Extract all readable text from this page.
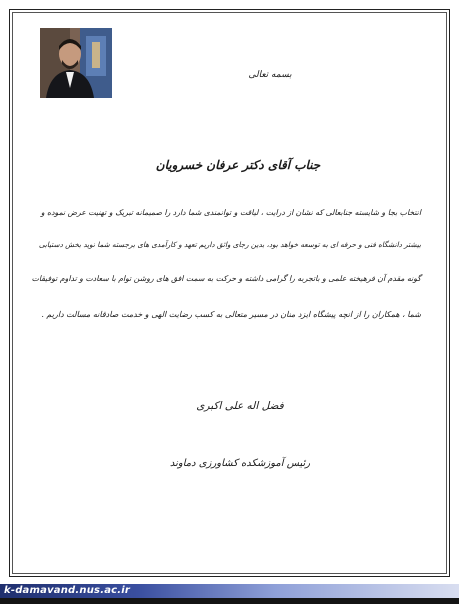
بسمه تعالی
جناب آقای دکتر عرفان خسرویان
انتخاب بجا و شایسته جنابعالی که نشان از درایت ، لیاقت و توانمندی شما دارد را صمیمانه تبریک و تهنیت عرض نموده و
بیشتر دانشگاه فنی و حرفه ای به توسعه خواهد بود، بدین رجای واثق داریم تعهد و کارآمدی های برجسته شما نوید بخش دستیابی
گونه مقدم آن فرهیخته علمی و باتجربه را گرامی داشته و حرکت به سمت افق های روشن توام با سعادت و تداوم توفیقات
شما ، همکاران را از انچه پیشگاه ایزد منان در مسیر متعالی به کسب رضایت الهی و خدمت صادقانه مسالت داریم .
فضل اله علی اکبری
رئیس آموزشکده کشاورزی دماوند
k-damavand.nus.ac.ir
